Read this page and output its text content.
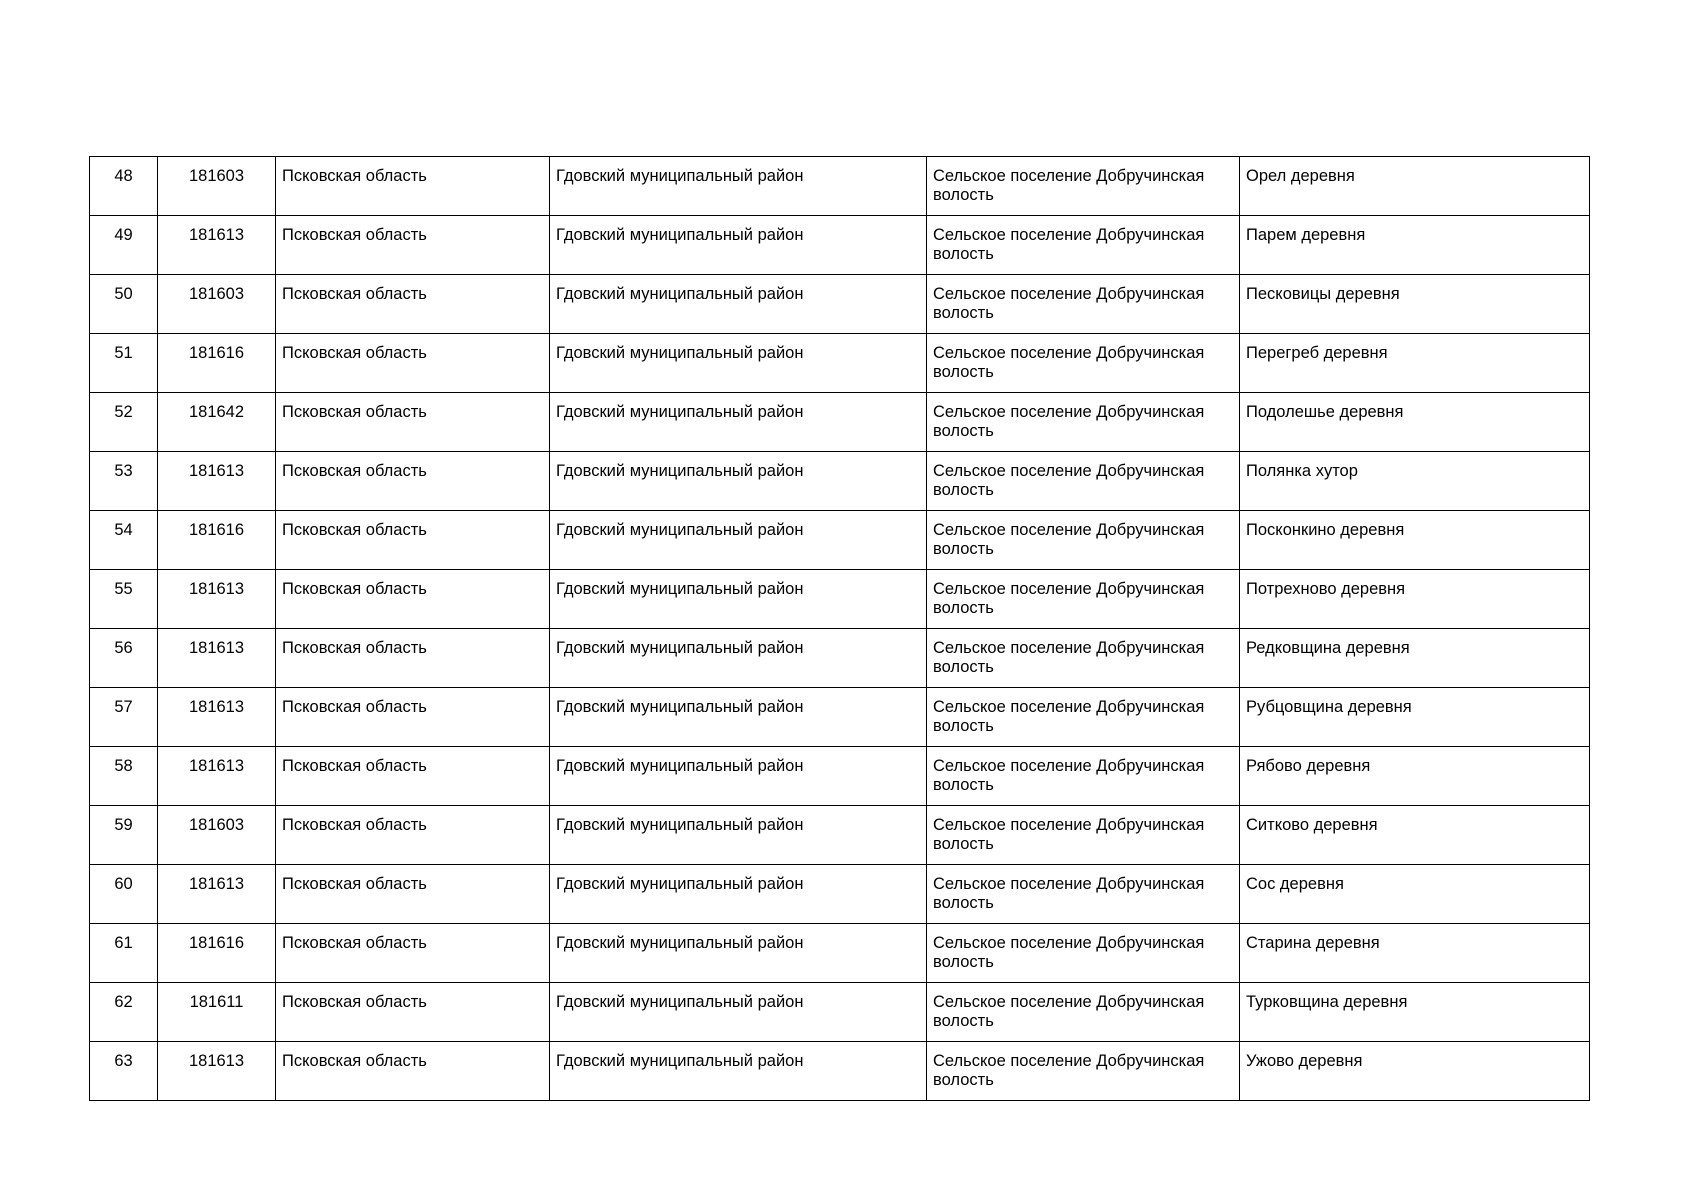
48	181603	Псковская область	Гдовский муниципальный район	Сельское поселение Добручинская волость	Орел деревня
49	181613	Псковская область	Гдовский муниципальный район	Сельское поселение Добручинская волость	Парем деревня
50	181603	Псковская область	Гдовский муниципальный район	Сельское поселение Добручинская волость	Песковицы деревня
51	181616	Псковская область	Гдовский муниципальный район	Сельское поселение Добручинская волость	Перегреб деревня
52	181642	Псковская область	Гдовский муниципальный район	Сельское поселение Добручинская волость	Подолешье деревня
53	181613	Псковская область	Гдовский муниципальный район	Сельское поселение Добручинская волость	Полянка хутор
54	181616	Псковская область	Гдовский муниципальный район	Сельское поселение Добручинская волость	Посконкино деревня
55	181613	Псковская область	Гдовский муниципальный район	Сельское поселение Добручинская волость	Потрехново деревня
56	181613	Псковская область	Гдовский муниципальный район	Сельское поселение Добручинская волость	Редковщина деревня
57	181613	Псковская область	Гдовский муниципальный район	Сельское поселение Добручинская волость	Рубцовщина деревня
58	181613	Псковская область	Гдовский муниципальный район	Сельское поселение Добручинская волость	Рябово деревня
59	181603	Псковская область	Гдовский муниципальный район	Сельское поселение Добручинская волость	Ситково деревня
60	181613	Псковская область	Гдовский муниципальный район	Сельское поселение Добручинская волость	Сос деревня
61	181616	Псковская область	Гдовский муниципальный район	Сельское поселение Добручинская волость	Старина деревня
62	181611	Псковская область	Гдовский муниципальный район	Сельское поселение Добручинская волость	Турковщина деревня
63	181613	Псковская область	Гдовский муниципальный район	Сельское поселение Добручинская волость	Ужово деревня
